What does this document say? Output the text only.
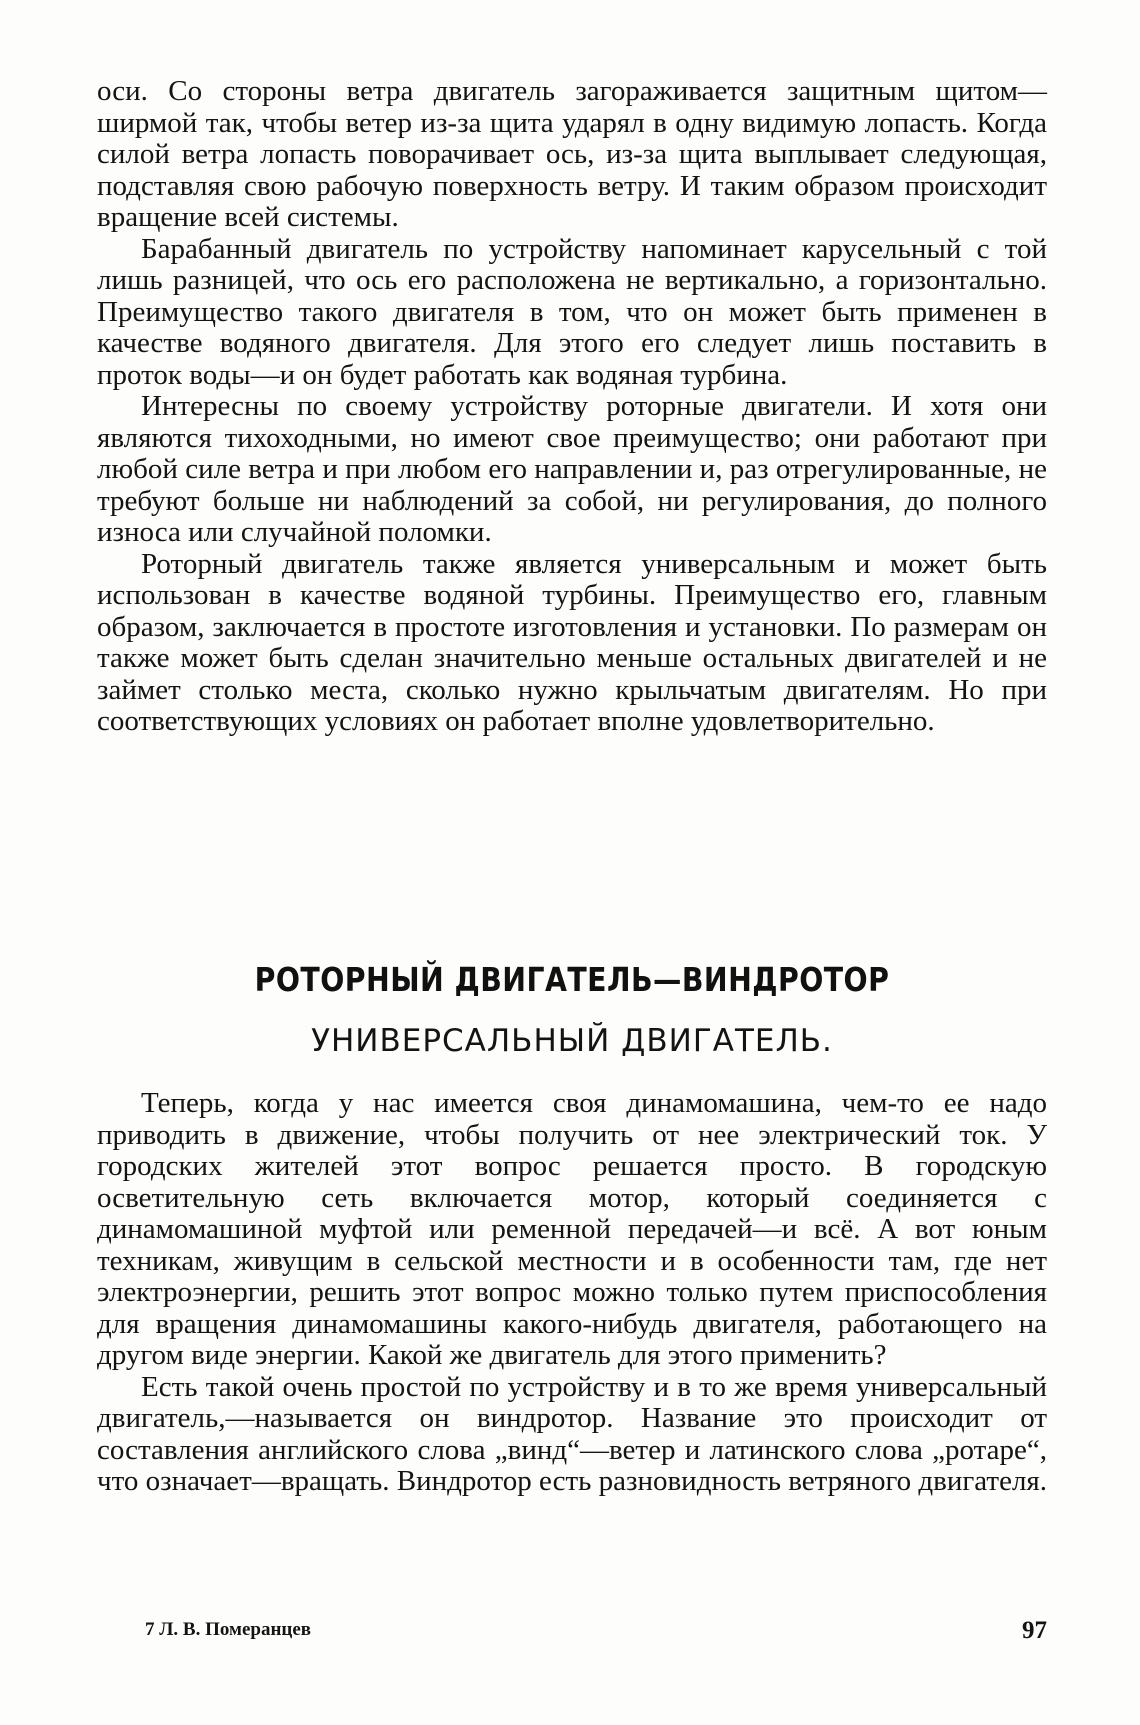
оси. Со стороны ветра двигатель загораживается защитным щитом—ширмой так, чтобы ветер из-за щита ударял в одну видимую лопасть. Когда силой ветра лопасть поворачивает ось, из-за щита выплывает следующая, подставляя свою рабочую поверхность ветру. И таким образом происходит вращение всей системы.

Барабанный двигатель по устройству напоминает карусельный с той лишь разницей, что ось его расположена не вертикально, а горизонтально. Преимущество такого двигателя в том, что он может быть применен в качестве водяного двигателя. Для этого его следует лишь поставить в проток воды—и он будет работать как водяная турбина.

Интересны по своему устройству роторные двигатели. И хотя они являются тихоходными, но имеют свое преимущество; они работают при любой силе ветра и при любом его направлении и, раз отрегулированные, не требуют больше ни наблюдений за собой, ни регулирования, до полного износа или случайной поломки.

Роторный двигатель также является универсальным и может быть использован в качестве водяной турбины. Преимущество его, главным образом, заключается в простоте изготовления и установки. По размерам он также может быть сделан значительно меньше остальных двигателей и не займет столько места, сколько нужно крыльчатым двигателям. Но при соответствующих условиях он работает вполне удовлетворительно.

РОТОРНЫЙ ДВИГАТЕЛЬ—ВИНДРОТОР
УНИВЕРСАЛЬНЫЙ ДВИГАТЕЛЬ.

Теперь, когда у нас имеется своя динамомашина, чем-то ее надо приводить в движение, чтобы получить от нее электрический ток. У городских жителей этот вопрос решается просто. В городскую осветительную сеть включается мотор, который соединяется с динамомашиной муфтой или ременной передачей—и всё. А вот юным техникам, живущим в сельской местности и в особенности там, где нет электроэнергии, решить этот вопрос можно только путем приспособления для вращения динамомашины какого-нибудь двигателя, работающего на другом виде энергии. Какой же двигатель для этого применить?

Есть такой очень простой по устройству и в то же время универсальный двигатель,—называется он виндротор. Название это происходит от составления английского слова „винд“—ветер и латинского слова „ротаре“, что означает—вращать. Виндротор есть разновидность ветряного двигателя.

7 Л. В. Померанцев	97
